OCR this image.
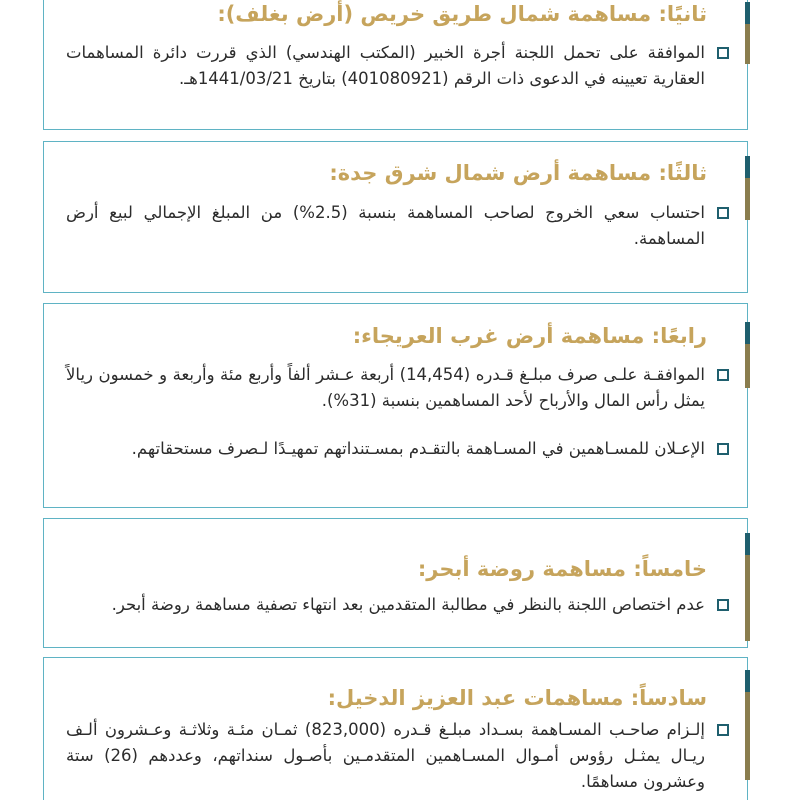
ثانيًا: مساهمة شمال طريق خريص (أرض بغلف):

الموافقة على تحمل اللجنة أجرة الخبير (المكتب الهندسي) الذي قررت دائرة المساهمات العقارية تعيينه في الدعوى ذات الرقم (401080921) بتاريخ 1441/03/21هـ.

ثالثًا: مساهمة أرض شمال شرق جدة:

احتساب سعي الخروج لصاحب المساهمة بنسبة (2.5%) من المبلغ الإجمالي لبيع أرض المساهمة.

رابعًا: مساهمة أرض غرب العريجاء:

الموافقـة علـى صرف مبلـغ قـدره (14,454) أربعة عـشر ألفاً وأربع مئة وأربعة و خمسون ريالاً يمثل رأس المال والأرباح لأحد المساهمين بنسبة (31%).

الإعـلان للمسـاهمين في المسـاهمة بالتقـدم بمسـتنداتهم تمهيـدًا لـصرف مستحقاتهم.

خامساً: مساهمة روضة أبحر:

عدم اختصاص اللجنة بالنظر في مطالبة المتقدمين بعد انتهاء تصفية مساهمة روضة أبحر.

سادساً: مساهمات عبد العزيز الدخيل:

إلـزام صاحـب المسـاهمة بسـداد مبلـغ قـدره (823,000) ثمـان مئـة وثلاثـة وعـشرون ألـف ريـال يمثـل رؤوس أمـوال المسـاهمين المتقدمـين بأصـول سنداتهم، وعددهم (26) ستة وعشرون مساهمًا.
